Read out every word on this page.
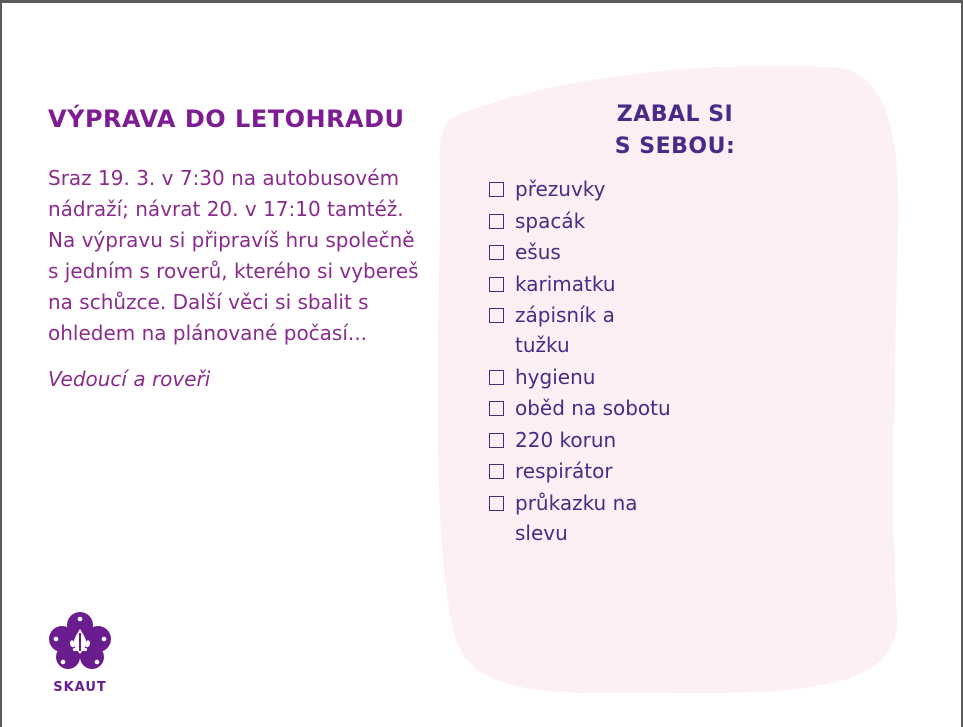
VÝPRAVA DO LETOHRADU

Sraz 19. 3. v 7:30 na autobusovém nádraží; návrat 20. v 17:10 tamtéž. Na výpravu si připravíš hru společně s jedním s roverů, kterého si vybereš na schůzce. Další věci si sbalit s ohledem na plánované počasí...

Vedoucí a roveři

ZABAL SI
S SEBOU:
přezuvky
spacák
ešus
karimatku
zápisník a tužku
hygienu
oběd na sobotu
220 korun
respirátor
průkazku na slevu
SKAUT
